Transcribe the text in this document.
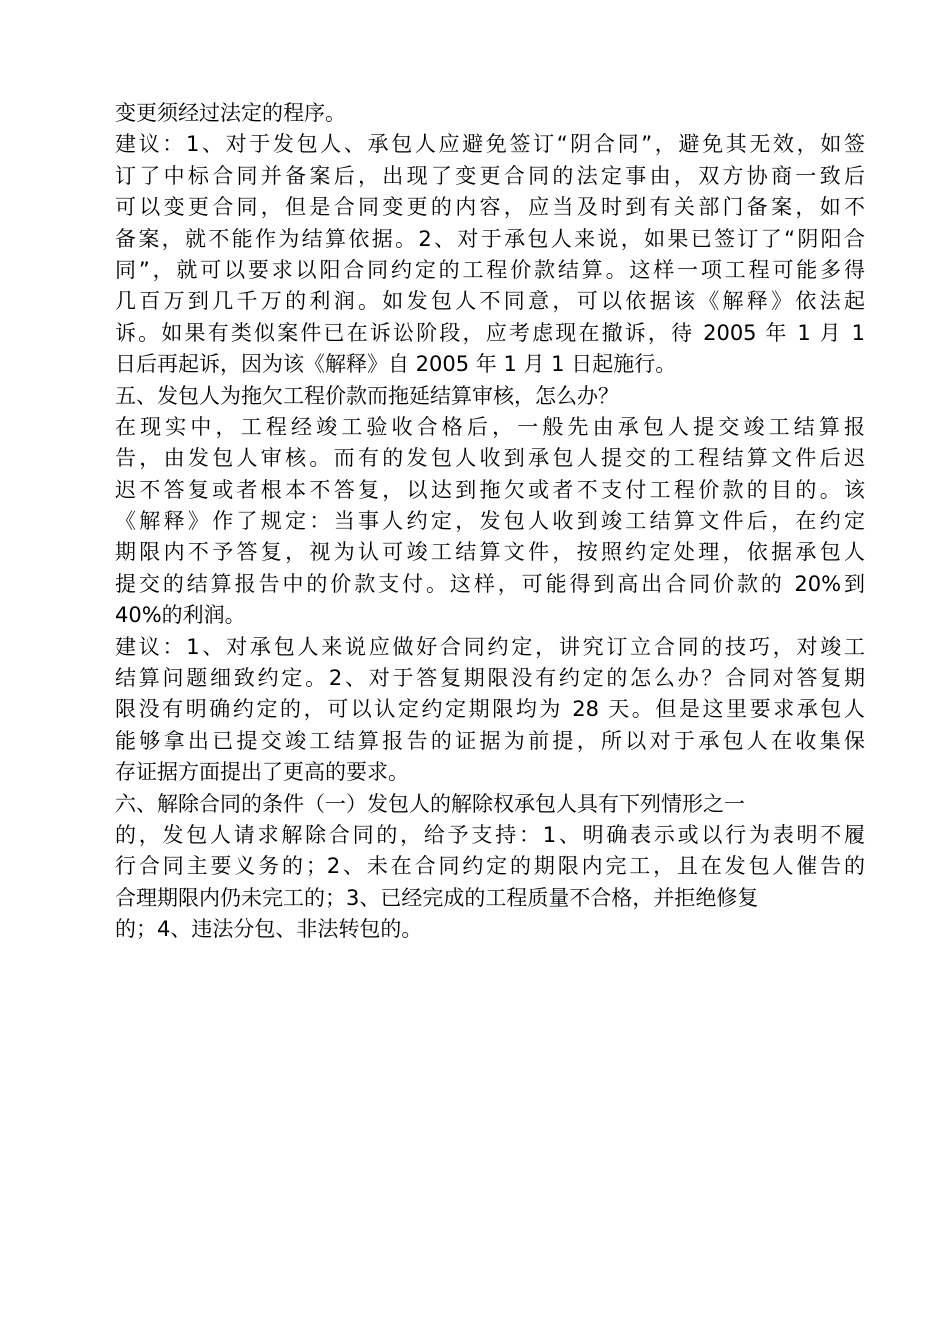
变更须经过法定的程序。
建议：1、对于发包人、承包人应避免签订“阴合同”，避免其无效，如签
订了中标合同并备案后，出现了变更合同的法定事由，双方协商一致后
可以变更合同，但是合同变更的内容，应当及时到有关部门备案，如不
备案，就不能作为结算依据。2、对于承包人来说，如果已签订了“阴阳合
同”，就可以要求以阳合同约定的工程价款结算。这样一项工程可能多得
几百万到几千万的利润。如发包人不同意，可以依据该《解释》依法起
诉。如果有类似案件已在诉讼阶段，应考虑现在撤诉，待 2005 年 1 月 1
日后再起诉，因为该《解释》自 2005 年 1 月 1 日起施行。
五、发包人为拖欠工程价款而拖延结算审核，怎么办？
在现实中，工程经竣工验收合格后，一般先由承包人提交竣工结算报
告，由发包人审核。而有的发包人收到承包人提交的工程结算文件后迟
迟不答复或者根本不答复，以达到拖欠或者不支付工程价款的目的。该
《解释》作了规定：当事人约定，发包人收到竣工结算文件后，在约定
期限内不予答复，视为认可竣工结算文件，按照约定处理，依据承包人
提交的结算报告中的价款支付。这样，可能得到高出合同价款的 20%到
40%的利润。
建议：1、对承包人来说应做好合同约定，讲究订立合同的技巧，对竣工
结算问题细致约定。2、对于答复期限没有约定的怎么办？合同对答复期
限没有明确约定的，可以认定约定期限均为 28 天。但是这里要求承包人
能够拿出已提交竣工结算报告的证据为前提，所以对于承包人在收集保
存证据方面提出了更高的要求。
六、解除合同的条件（一）发包人的解除权承包人具有下列情形之一
的，发包人请求解除合同的，给予支持：1、明确表示或以行为表明不履
行合同主要义务的；2、未在合同约定的期限内完工，且在发包人催告的
合理期限内仍未完工的；3、已经完成的工程质量不合格，并拒绝修复
的；4、违法分包、非法转包的。
